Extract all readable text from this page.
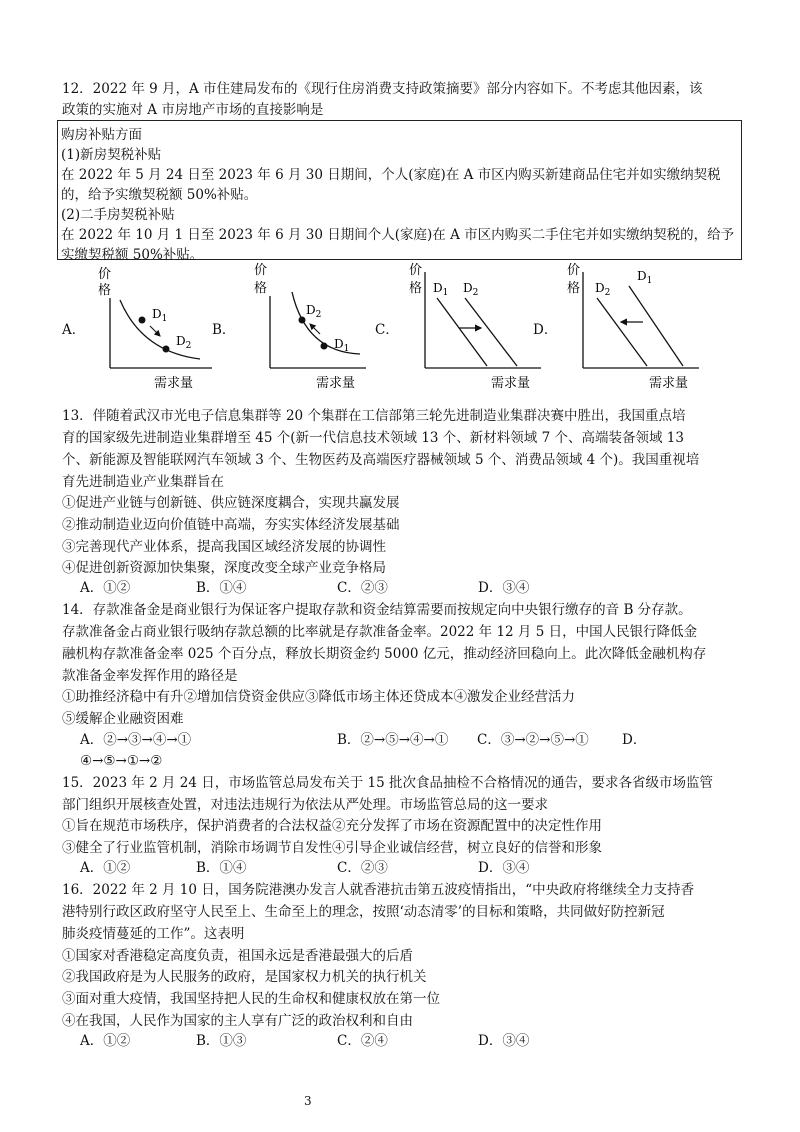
12．2022 年 9 月，A 市住建局发布的《现行住房消费支持政策摘要》部分内容如下。不考虑其他因素，该
政策的实施对 A 市房地产市场的直接影响是
购房补贴方面
(1)新房契税补贴
在 2022 年 5 月 24 日至 2023 年 6 月 30 日期间，个人(家庭)在 A 市区内购买新建商品住宅并如实缴纳契税
的，给予实缴契税额 50%补贴。
(2)二手房契税补贴
在 2022 年 10 月 1 日至 2023 年 6 月 30 日期间个人(家庭)在 A 市区内购买二手住宅并如实缴纳契税的，给予
实缴契税额 50%补贴。
A．	B．	C．	D．
价
格
$D_1$
$D_2$
需求量
价
格
$D_2$
$D_1$
需求量
价
格 $D_1$ $D_2$
需求量
价
格 $D_2$
$D_1$
需求量
13．伴随着武汉市光电子信息集群等 20 个集群在工信部第三轮先进制造业集群决赛中胜出，我国重点培
育的国家级先进制造业集群增至 45 个(新一代信息技术领域 13 个、新材料领域 7 个、高端装备领域 13
个、新能源及智能联网汽车领域 3 个、生物医药及高端医疗器械领域 5 个、消费品领域 4 个)。我国重视培
育先进制造业产业集群旨在
①促进产业链与创新链、供应链深度耦合，实现共赢发展
②推动制造业迈向价值链中高端，夯实实体经济发展基础
③完善现代产业体系，提高我国区域经济发展的协调性
④促进创新资源加快集聚，深度改变全球产业竞争格局
A．①②	B．①④	C．②③	D．③④
14．存款准备金是商业银行为保证客户提取存款和资金结算需要而按规定向中央银行缴存的音 B 分存款。
存款准备金占商业银行吸纳存款总额的比率就是存款准备金率。2022 年 12 月 5 日，中国人民银行降低金
融机构存款准备金率 025 个百分点，释放长期资金约 5000 亿元，推动经济回稳向上。此次降低金融机构存
款准备金率发挥作用的路径是
①助推经济稳中有升②增加信贷资金供应③降低市场主体还贷成本④激发企业经营活力
⑤缓解企业融资困难
A．②→③→④→①	B．②→⑤→④→① C．③→②→⑤→① D．
④→⑤→①→②
15．2023 年 2 月 24 日，市场监管总局发布关于 15 批次食品抽检不合格情况的通告，要求各省级市场监管
部门组织开展核查处置，对违法违规行为依法从严处理。市场监管总局的这一要求
①旨在规范市场秩序，保护消费者的合法权益②充分发挥了市场在资源配置中的决定性作用
③健全了行业监管机制，消除市场调节自发性④引导企业诚信经营，树立良好的信誉和形象
A．①②	B．①④	C．②③	D．③④
16．2022 年 2 月 10 日，国务院港澳办发言人就香港抗击第五波疫情指出，“中央政府将继续全力支持香
港特别行政区政府坚守人民至上、生命至上的理念，按照‘动态清零’的目标和策略，共同做好防控新冠
肺炎疫情蔓延的工作”。这表明
①国家对香港稳定高度负责，祖国永远是香港最强大的后盾
②我国政府是为人民服务的政府，是国家权力机关的执行机关
③面对重大疫情，我国坚持把人民的生命权和健康权放在第一位
④在我国，人民作为国家的主人享有广泛的政治权利和自由
A．①②	B．①③	C．②④	D．③④
3
